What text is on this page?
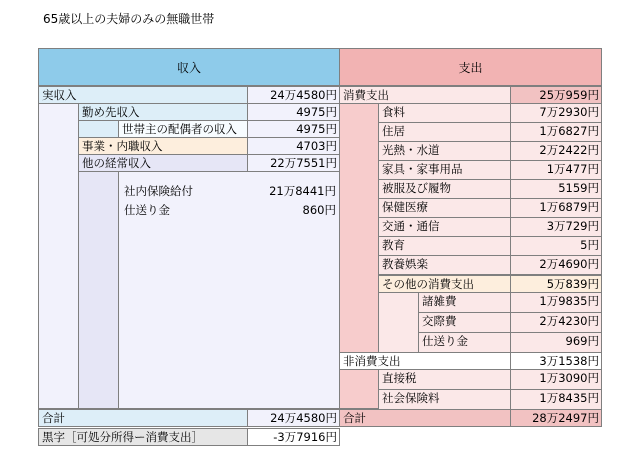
65歳以上の夫婦のみの無職世帯
収入
実収入	24万4580円
勤め先収入	4975円
世帯主の配偶者の収入	4975円
事業・内職収入	4703円
他の経常収入	22万7551円
社内保険給付	21万8441円
仕送り金	860円
合計	24万4580円
黒字［可処分所得ー消費支出］	-3万7916円
支出
消費支出	25万959円
食料	7万2930円
住居	1万6827円
光熱・水道	2万2422円
家具・家事用品	1万477円
被服及び履物	5159円
保健医療	1万6879円
交通・通信	3万729円
教育	5円
教養娯楽	2万4690円
その他の消費支出	5万839円
諸雑費	1万9835円
交際費	2万4230円
仕送り金	969円
非消費支出	3万1538円
直接税	1万3090円
社会保険料	1万8435円
合計	28万2497円
